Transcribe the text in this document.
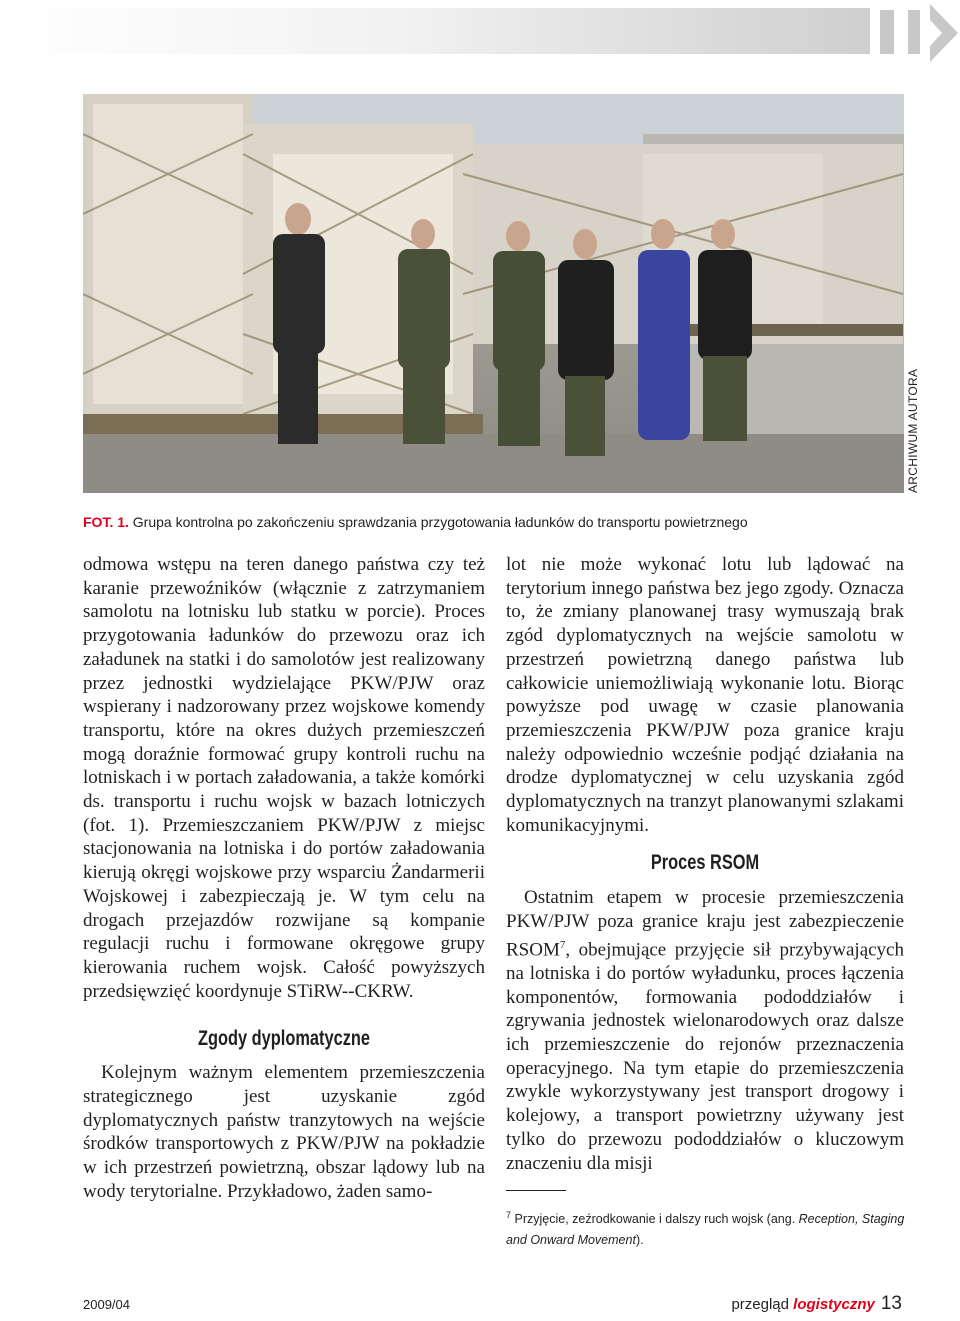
ARCHIWUM AUTORA
FOT. 1. Grupa kontrolna po zakończeniu sprawdzania przygotowania ładunków do transportu powietrznego

odmowa wstępu na teren danego państwa czy też karanie przewoźników (włącznie z zatrzymaniem samolotu na lotnisku lub statku w porcie). Proces przygotowania ładunków do przewozu oraz ich załadunek na statki i do samolotów jest realizowany przez jednostki wydzielające PKW/PJW oraz wspierany i nadzorowany przez wojskowe komendy transportu, które na okres dużych przemieszczeń mogą doraźnie formować grupy kontroli ruchu na lotniskach i w portach załadowania, a także komórki ds. transportu i ruchu wojsk w bazach lotniczych (fot. 1). Przemieszczaniem PKW/PJW z miejsc stacjonowania na lotniska i do portów załadowania kierują okręgi wojskowe przy wsparciu Żandarmerii Wojskowej i zabezpieczają je. W tym celu na drogach przejazdów rozwijane są kompanie regulacji ruchu i formowane okręgowe grupy kierowania ruchem wojsk. Całość powyższych przedsięwzięć koordynuje STiRW--CKRW.

Zgody dyplomatyczne

Kolejnym ważnym elementem przemieszczenia strategicznego jest uzyskanie zgód dyplomatycznych państw tranzytowych na wejście środków transportowych z PKW/PJW na pokładzie w ich przestrzeń powietrzną, obszar lądowy lub na wody terytorialne. Przykładowo, żaden samo-

lot nie może wykonać lotu lub lądować na terytorium innego państwa bez jego zgody. Oznacza to, że zmiany planowanej trasy wymuszają brak zgód dyplomatycznych na wejście samolotu w przestrzeń powietrzną danego państwa lub całkowicie uniemożliwiają wykonanie lotu. Biorąc powyższe pod uwagę w czasie planowania przemieszczenia PKW/PJW poza granice kraju należy odpowiednio wcześnie podjąć działania na drodze dyplomatycznej w celu uzyskania zgód dyplomatycznych na tranzyt planowanymi szlakami komunikacyjnymi.

Proces RSOM

Ostatnim etapem w procesie przemieszczenia PKW/PJW poza granice kraju jest zabezpieczenie RSOM$^7$, obejmujące przyjęcie sił przybywających na lotniska i do portów wyładunku, proces łączenia komponentów, formowania pododdziałów i zgrywania jednostek wielonarodowych oraz dalsze ich przemieszczenie do rejonów przeznaczenia operacyjnego. Na tym etapie do przemieszczenia zwykle wykorzystywany jest transport drogowy i kolejowy, a transport powietrzny używany jest tylko do przewozu pododdziałów o kluczowym znaczeniu dla misji

$^7$ Przyjęcie, zeźrodkowanie i dalszy ruch wojsk (ang. Reception, Staging and Onward Movement).
2009/04	przegląd logistyczny 13
